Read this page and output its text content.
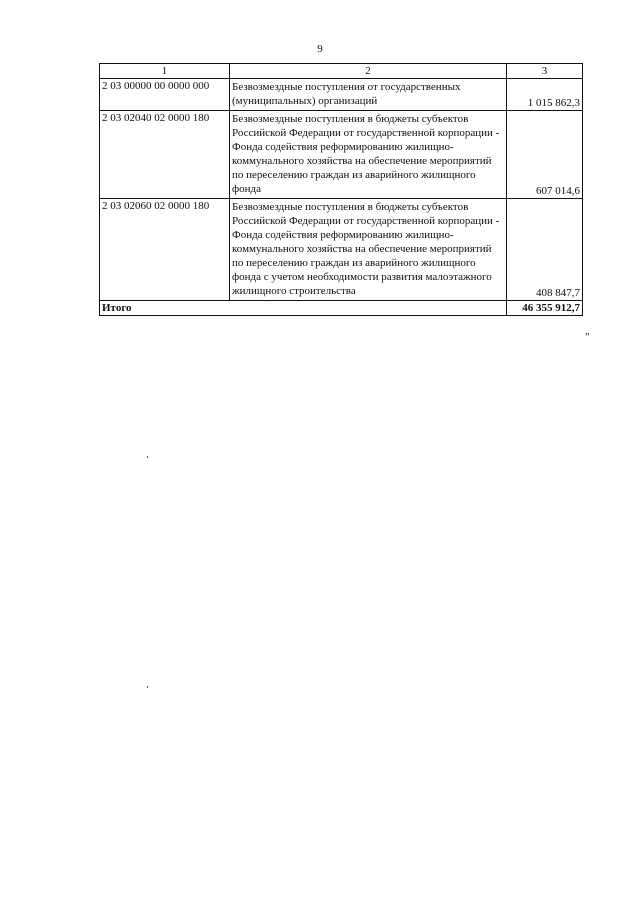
9
1	2	3
2 03 00000 00 0000 000	Безвозмездные поступления от государственных (муниципальных) организаций	1 015 862,3
2 03 02040 02 0000 180	Безвозмездные поступления в бюджеты субъектов Российской Федерации от государственной корпорации - Фонда содействия реформированию жилищно-коммунального хозяйства на обеспечение мероприятий по переселению граждан из аварийного жилищного фонда	607 014,6
2 03 02060 02 0000 180	Безвозмездные поступления в бюджеты субъектов Российской Федерации от государственной корпорации - Фонда содействия реформированию жилищно-коммунального хозяйства на обеспечение мероприятий по переселению граждан из аварийного жилищного фонда с учетом необходимости развития малоэтажного жилищного строительства	408 847,7
Итого		46 355 912,7
"
